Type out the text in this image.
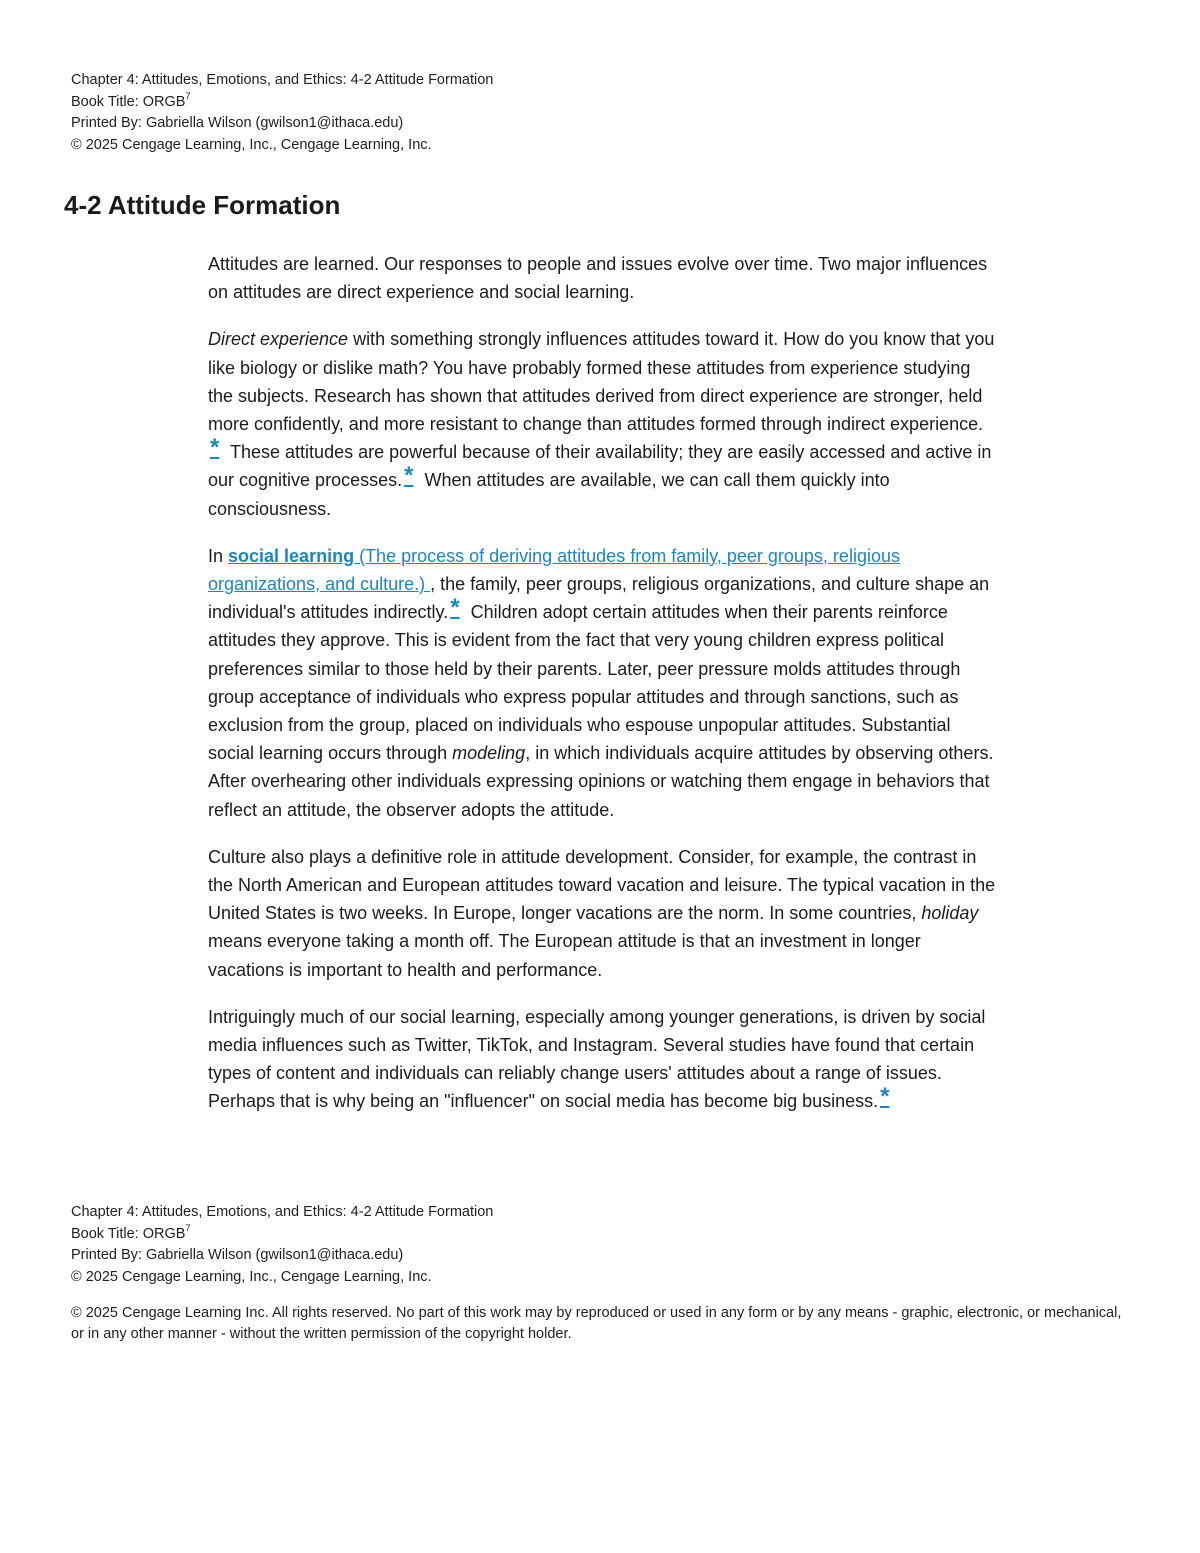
Chapter 4: Attitudes, Emotions, and Ethics: 4-2 Attitude Formation
Book Title: ORGB$^7$
Printed By: Gabriella Wilson (gwilson1@ithaca.edu)
© 2025 Cengage Learning, Inc., Cengage Learning, Inc.
4-2 Attitude Formation

Attitudes are learned. Our responses to people and issues evolve over time. Two major influences on attitudes are direct experience and social learning.

Direct experience with something strongly influences attitudes toward it. How do you know that you like biology or dislike math? You have probably formed these attitudes from experience studying the subjects. Research has shown that attitudes derived from direct experience are stronger, held more confidently, and more resistant to change than attitudes formed through indirect experience.* These attitudes are powerful because of their availability; they are easily accessed and active in our cognitive processes.* When attitudes are available, we can call them quickly into consciousness.

In social learning (The process of deriving attitudes from family, peer groups, religious organizations, and culture.) , the family, peer groups, religious organizations, and culture shape an individual's attitudes indirectly.* Children adopt certain attitudes when their parents reinforce attitudes they approve. This is evident from the fact that very young children express political preferences similar to those held by their parents. Later, peer pressure molds attitudes through group acceptance of individuals who express popular attitudes and through sanctions, such as exclusion from the group, placed on individuals who espouse unpopular attitudes. Substantial social learning occurs through modeling, in which individuals acquire attitudes by observing others. After overhearing other individuals expressing opinions or watching them engage in behaviors that reflect an attitude, the observer adopts the attitude.

Culture also plays a definitive role in attitude development. Consider, for example, the contrast in the North American and European attitudes toward vacation and leisure. The typical vacation in the United States is two weeks. In Europe, longer vacations are the norm. In some countries, holiday means everyone taking a month off. The European attitude is that an investment in longer vacations is important to health and performance.

Intriguingly much of our social learning, especially among younger generations, is driven by social media influences such as Twitter, TikTok, and Instagram. Several studies have found that certain types of content and individuals can reliably change users' attitudes about a range of issues. Perhaps that is why being an "influencer" on social media has become big business.*

Chapter 4: Attitudes, Emotions, and Ethics: 4-2 Attitude Formation
Book Title: ORGB$^7$
Printed By: Gabriella Wilson (gwilson1@ithaca.edu)
© 2025 Cengage Learning, Inc., Cengage Learning, Inc.
© 2025 Cengage Learning Inc. All rights reserved. No part of this work may by reproduced or used in any form or by any means - graphic, electronic, or mechanical, or in any other manner - without the written permission of the copyright holder.
